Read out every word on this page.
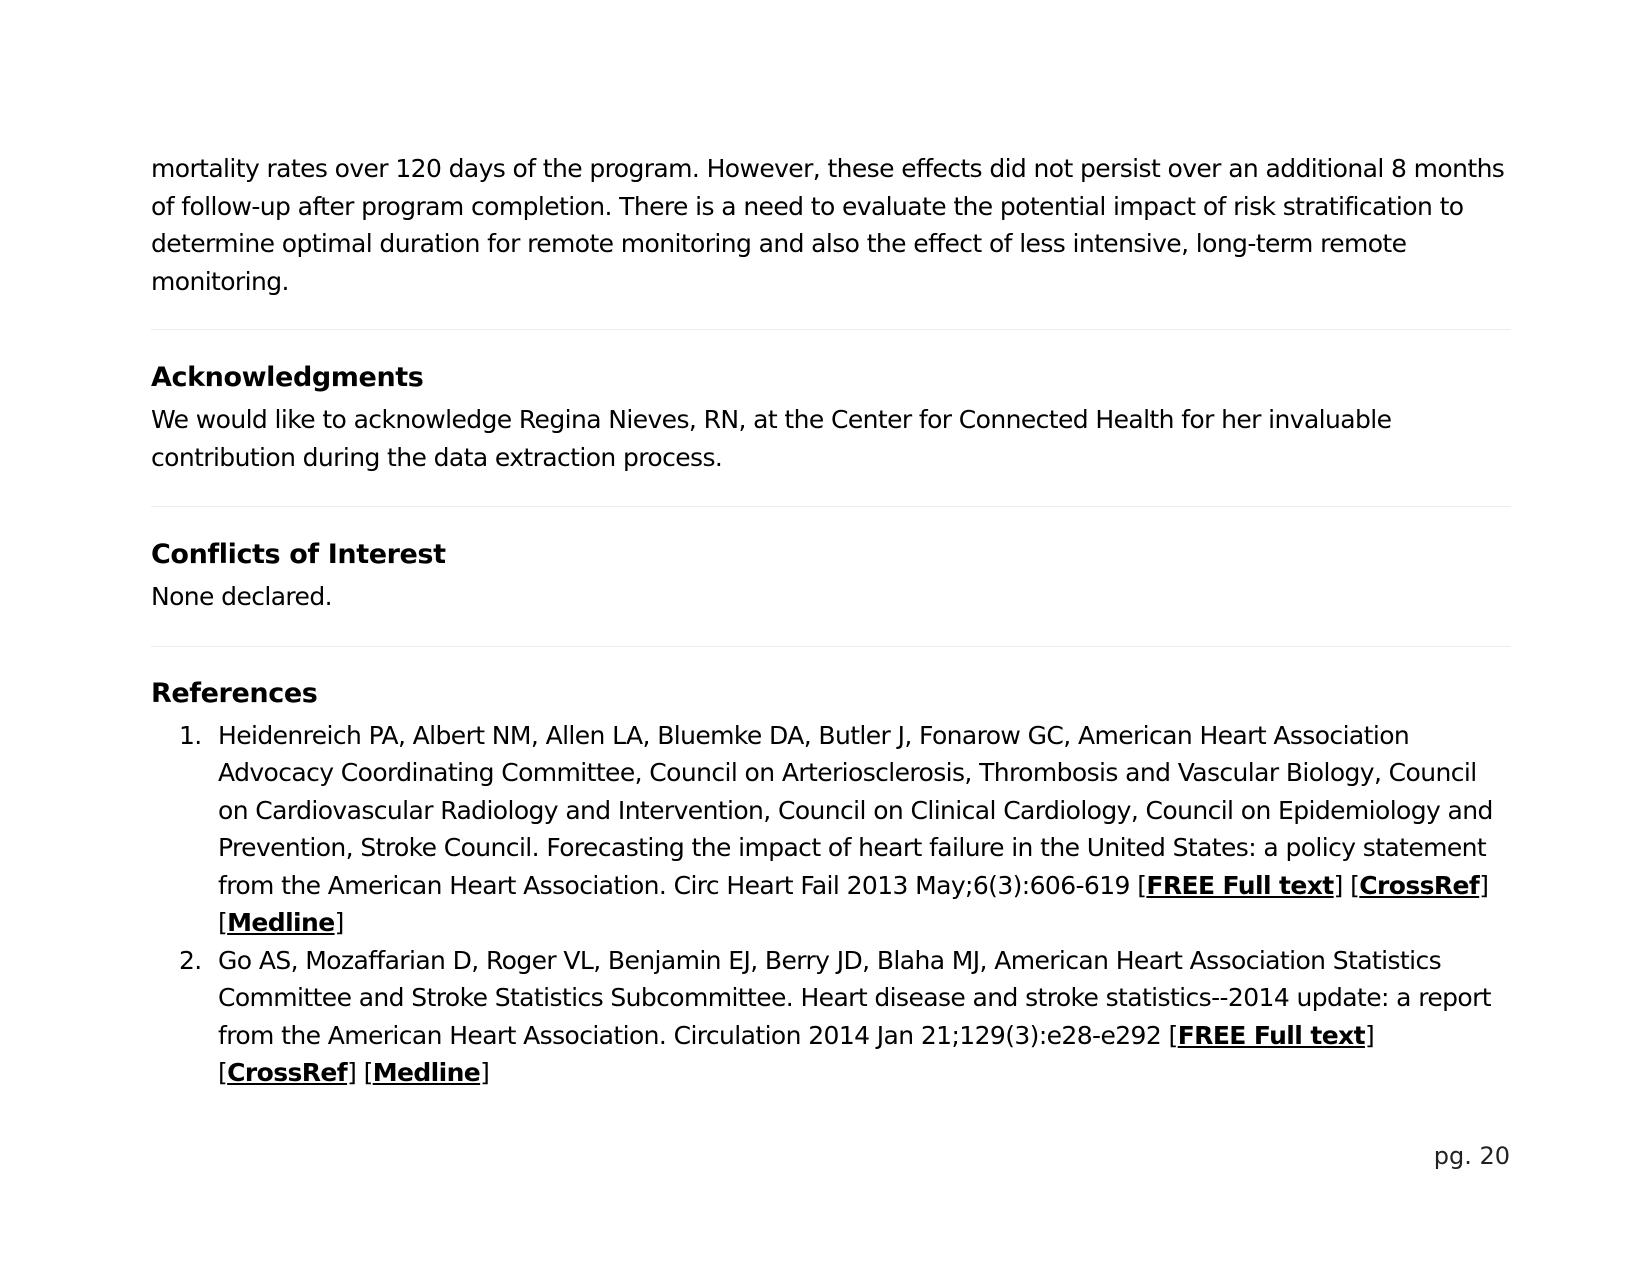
mortality rates over 120 days of the program. However, these effects did not persist over an additional 8 months of follow-up after program completion. There is a need to evaluate the potential impact of risk stratification to determine optimal duration for remote monitoring and also the effect of less intensive, long-term remote monitoring.

Acknowledgments

We would like to acknowledge Regina Nieves, RN, at the Center for Connected Health for her invaluable contribution during the data extraction process.

Conflicts of Interest

None declared.

References
1. Heidenreich PA, Albert NM, Allen LA, Bluemke DA, Butler J, Fonarow GC, American Heart Association Advocacy Coordinating Committee, Council on Arteriosclerosis, Thrombosis and Vascular Biology, Council on Cardiovascular Radiology and Intervention, Council on Clinical Cardiology, Council on Epidemiology and Prevention, Stroke Council. Forecasting the impact of heart failure in the United States: a policy statement from the American Heart Association. Circ Heart Fail 2013 May;6(3):606-619 [FREE Full text] [CrossRef] [Medline]
2. Go AS, Mozaffarian D, Roger VL, Benjamin EJ, Berry JD, Blaha MJ, American Heart Association Statistics Committee and Stroke Statistics Subcommittee. Heart disease and stroke statistics--2014 update: a report from the American Heart Association. Circulation 2014 Jan 21;129(3):e28-e292 [FREE Full text] [CrossRef] [Medline]
pg. 20
